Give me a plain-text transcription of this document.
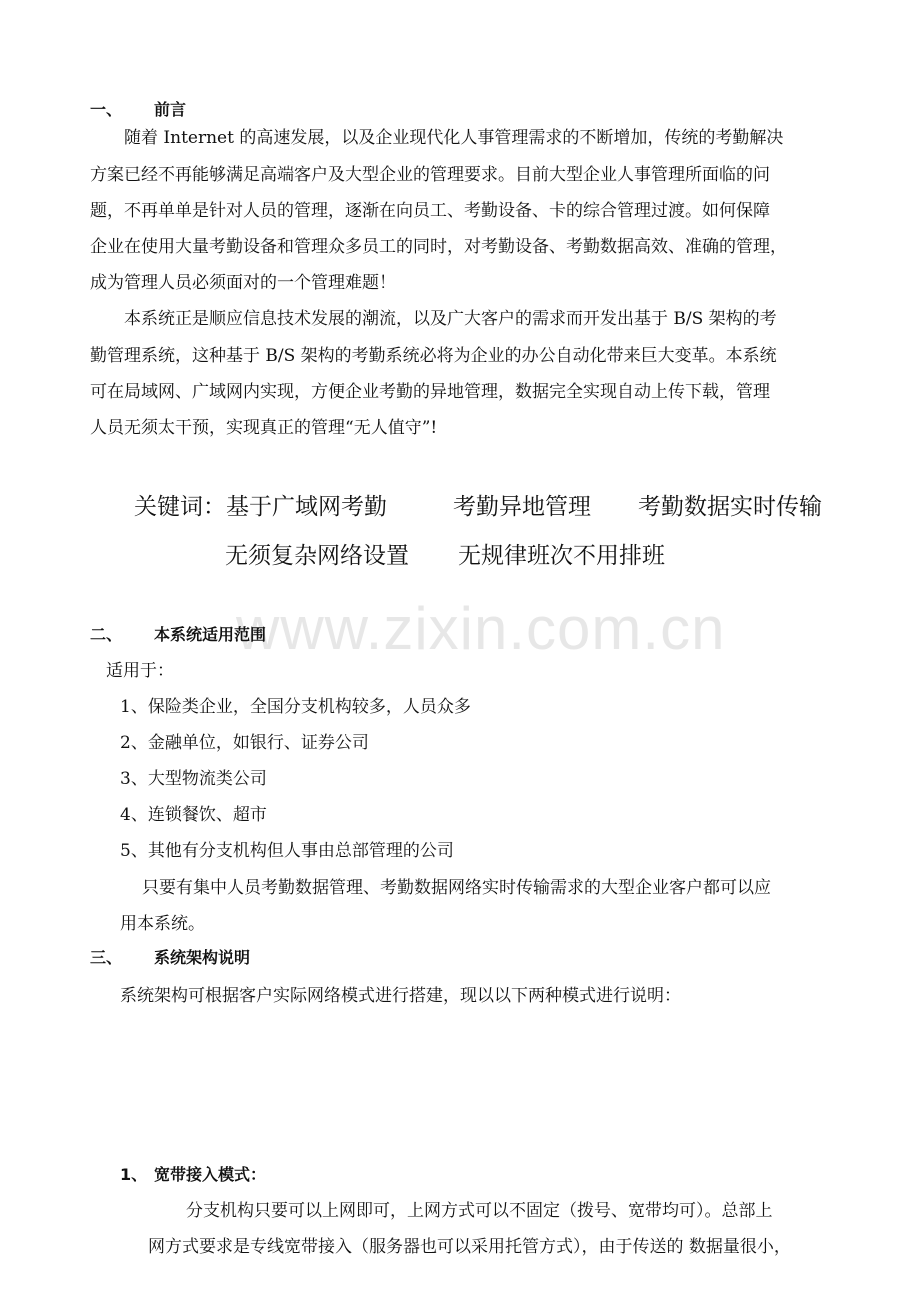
一、 前言
随着 Internet 的高速发展，以及企业现代化人事管理需求的不断增加，传统的考勤解决
方案已经不再能够满足高端客户及大型企业的管理要求。目前大型企业人事管理所面临的问
题，不再单单是针对人员的管理，逐渐在向员工、考勤设备、卡的综合管理过渡。如何保障
企业在使用大量考勤设备和管理众多员工的同时，对考勤设备、考勤数据高效、准确的管理，
成为管理人员必须面对的一个管理难题！
本系统正是顺应信息技术发展的潮流，以及广大客户的需求而开发出基于 B/S 架构的考
勤管理系统，这种基于 B/S 架构的考勤系统必将为企业的办公自动化带来巨大变革。本系统
可在局域网、广域网内实现，方便企业考勤的异地管理，数据完全实现自动上传下载，管理
人员无须太干预，实现真正的管理“无人值守”!
关键词：基于广域网考勤	考勤异地管理 考勤数据实时传输
无须复杂网络设置 无规律班次不用排班
www.zixin.com.cn
二、 本系统适用范围
适用于：
1、保险类企业，全国分支机构较多，人员众多
2、金融单位，如银行、证券公司
3、大型物流类公司
4、连锁餐饮、超市
5、其他有分支机构但人事由总部管理的公司
只要有集中人员考勤数据管理、考勤数据网络实时传输需求的大型企业客户都可以应
用本系统。
三、 系统架构说明
系统架构可根据客户实际网络模式进行搭建，现以以下两种模式进行说明：
1、 宽带接入模式：
分支机构只要可以上网即可，上网方式可以不固定（拨号、宽带均可）。总部上
网方式要求是专线宽带接入（服务器也可以采用托管方式），由于传送的 数据量很小，
